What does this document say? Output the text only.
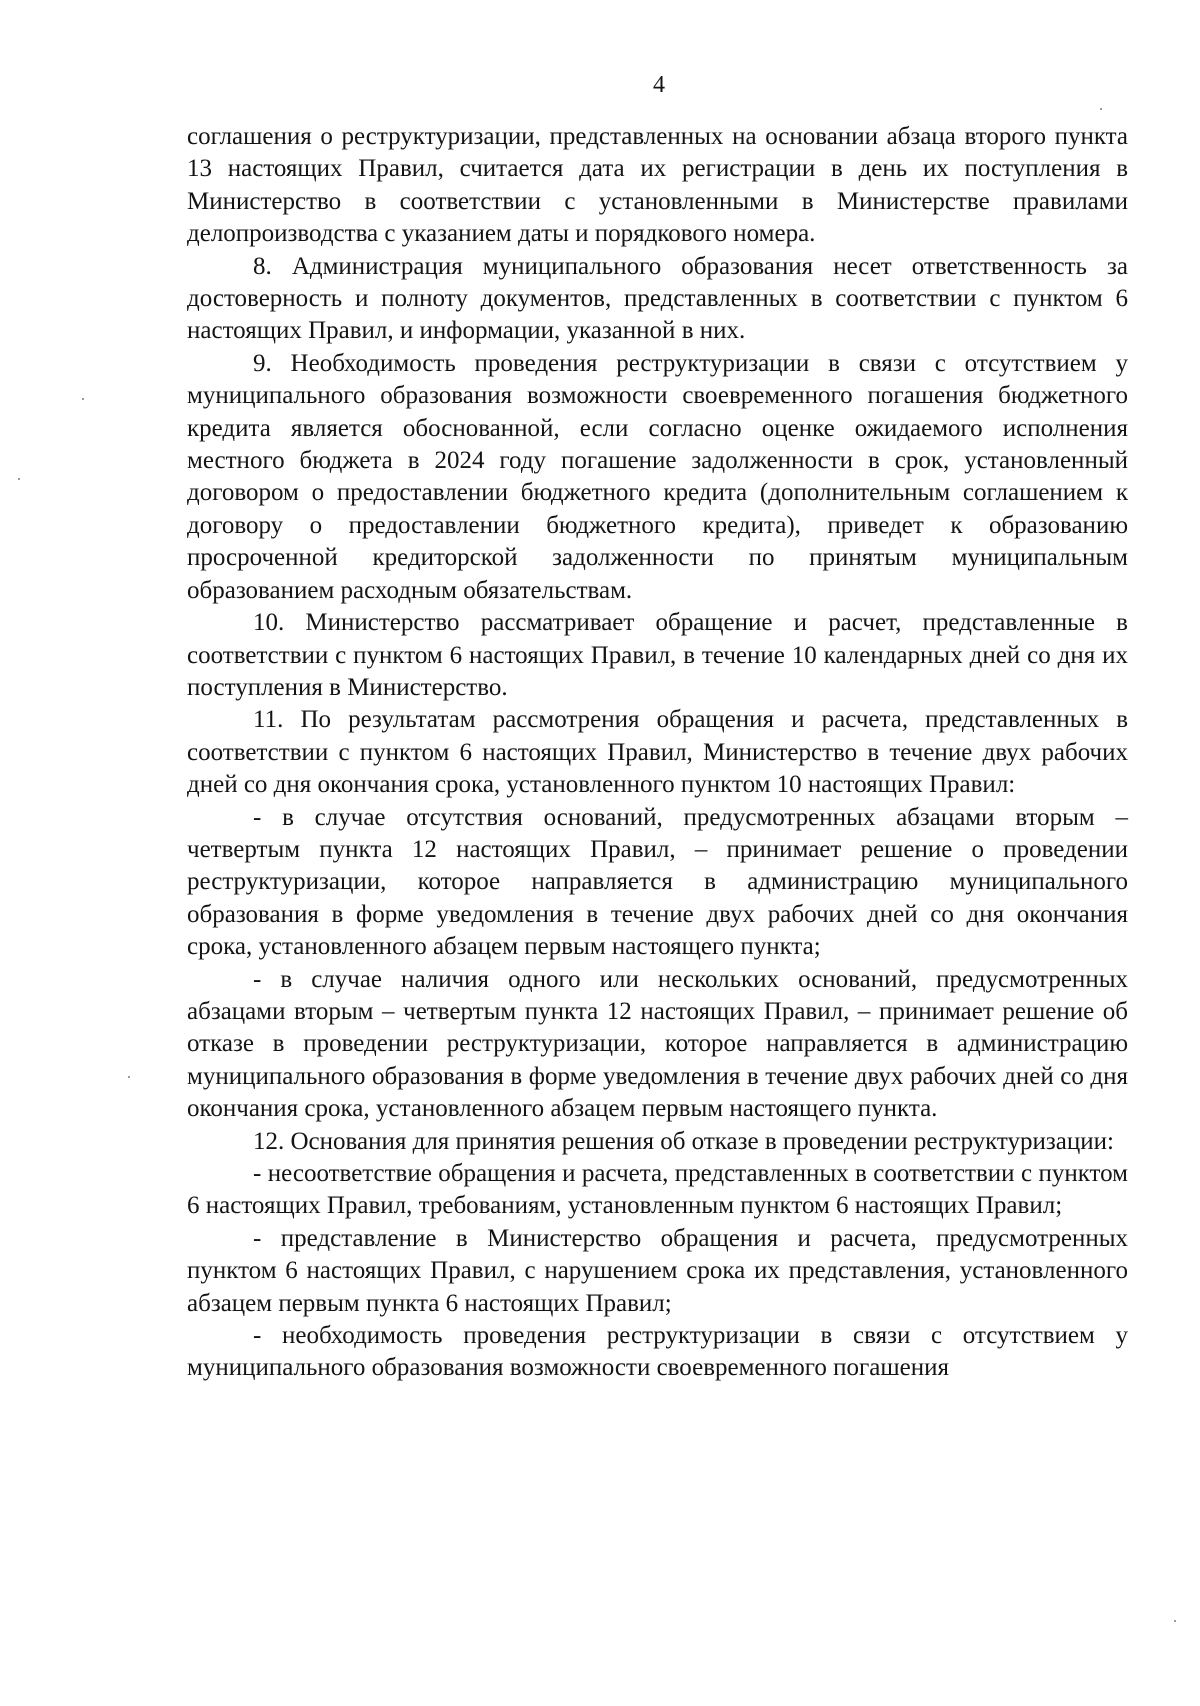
4

соглашения о реструктуризации, представленных на основании абзаца второго пункта 13 настоящих Правил, считается дата их регистрации в день их поступления в Министерство в соответствии с установленными в Министерстве правилами делопроизводства с указанием даты и порядкового номера.

8. Администрация муниципального образования несет ответственность за достоверность и полноту документов, представленных в соответствии с пунктом 6 настоящих Правил, и информации, указанной в них.

9. Необходимость проведения реструктуризации в связи с отсутствием у муниципального образования возможности своевременного погашения бюджетного кредита является обоснованной, если согласно оценке ожидаемого исполнения местного бюджета в 2024 году погашение задолженности в срок, установленный договором о предоставлении бюджетного кредита (дополнительным соглашением к договору о предоставлении бюджетного кредита), приведет к образованию просроченной кредиторской задолженности по принятым муниципальным образованием расходным обязательствам.

10. Министерство рассматривает обращение и расчет, представленные в соответствии с пунктом 6 настоящих Правил, в течение 10 календарных дней со дня их поступления в Министерство.

11. По результатам рассмотрения обращения и расчета, представленных в соответствии с пунктом 6 настоящих Правил, Министерство в течение двух рабочих дней со дня окончания срока, установленного пунктом 10 настоящих Правил:

- в случае отсутствия оснований, предусмотренных абзацами вторым – четвертым пункта 12 настоящих Правил, – принимает решение о проведении реструктуризации, которое направляется в администрацию муниципального образования в форме уведомления в течение двух рабочих дней со дня окончания срока, установленного абзацем первым настоящего пункта;

- в случае наличия одного или нескольких оснований, предусмотренных абзацами вторым – четвертым пункта 12 настоящих Правил, – принимает решение об отказе в проведении реструктуризации, которое направляется в администрацию муниципального образования в форме уведомления в течение двух рабочих дней со дня окончания срока, установленного абзацем первым настоящего пункта.

12. Основания для принятия решения об отказе в проведении реструктуризации:

- несоответствие обращения и расчета, представленных в соответствии с пунктом 6 настоящих Правил, требованиям, установленным пунктом 6 настоящих Правил;

- представление в Министерство обращения и расчета, предусмотренных пунктом 6 настоящих Правил, с нарушением срока их представления, установленного абзацем первым пункта 6 настоящих Правил;

- необходимость проведения реструктуризации в связи с отсутствием у муниципального образования возможности своевременного погашения
